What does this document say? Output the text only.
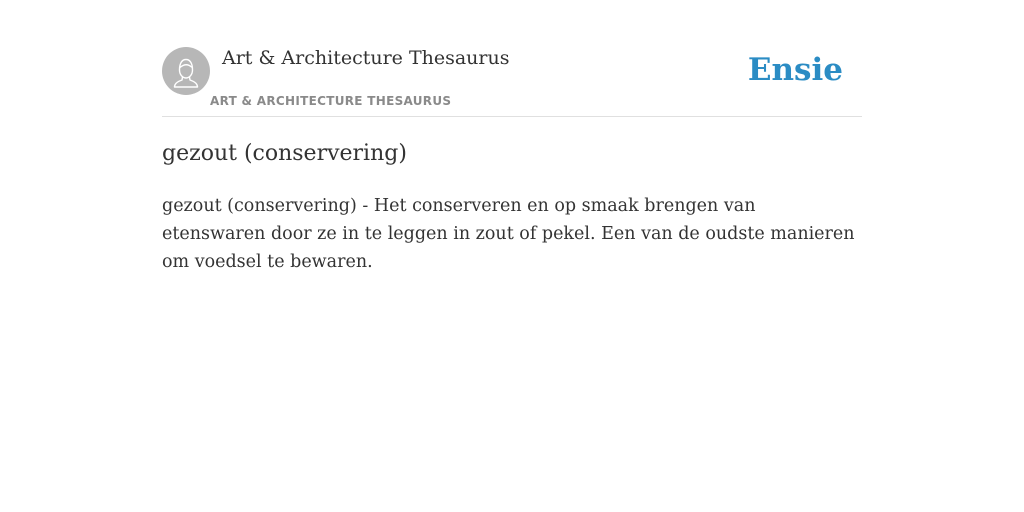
Art & Architecture Thesaurus
ART & ARCHITECTURE THESAURUS
Ensie
gezout (conservering)

gezout (conservering) - Het conserveren en op smaak brengen van etenswaren door ze in te leggen in zout of pekel. Een van de oudste manieren om voedsel te bewaren.
